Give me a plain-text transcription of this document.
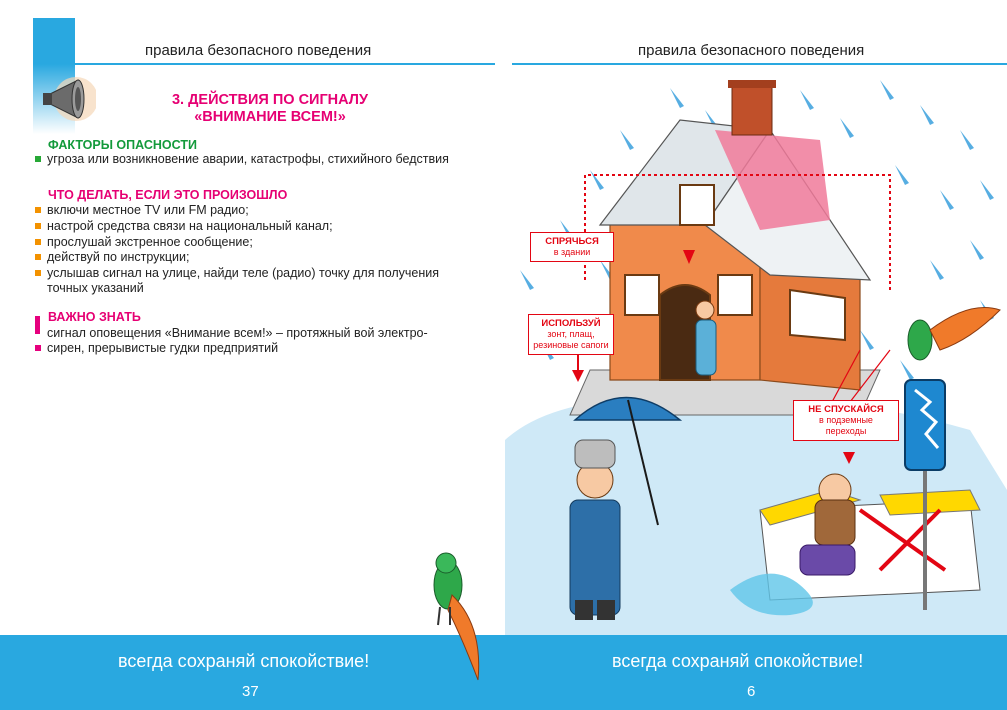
правила безопасного поведения	правила безопасного поведения
3. ДЕЙСТВИЯ ПО СИГНАЛУ
«ВНИМАНИЕ ВСЕМ!»
ФАКТОРЫ ОПАСНОСТИ
угроза или возникновение аварии, катастрофы, стихийного бедствия
ЧТО ДЕЛАТЬ, ЕСЛИ ЭТО ПРОИЗОШЛО
включи местное TV или FM радио;
настрой средства связи на национальный канал;
прослушай экстренное сообщение;
действуй по инструкции;
услышав сигнал на улице, найди теле (радио) точку для получения
точных указаний
ВАЖНО ЗНАТЬ
сигнал оповещения «Внимание всем!» – протяжный вой электро-
сирен, прерывистые гудки предприятий
СПРЯЧЬСЯ
в здании
ИСПОЛЬЗУЙ
зонт, плащ,
резиновые сапоги
НЕ СПУСКАЙСЯ
в подземные
переходы
всегда сохраняй спокойствие!	всегда сохраняй спокойствие!
37	6
